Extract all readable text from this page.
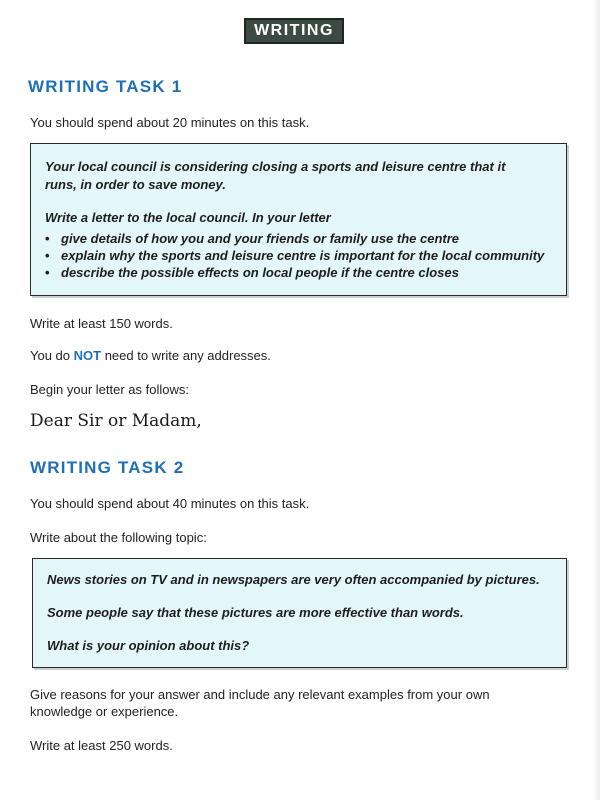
WRITING
WRITING TASK 1
You should spend about 20 minutes on this task.

Your local council is considering closing a sports and leisure centre that it

runs, in order to save money.

Write a letter to the local council. In your letter

• give details of how you and your friends or family use the centre
• explain why the sports and leisure centre is important for the local community
• describe the possible effects on local people if the centre closes
Write at least 150 words.
You do NOT need to write any addresses.
Begin your letter as follows:
Dear Sir or Madam,
WRITING TASK 2
You should spend about 40 minutes on this task.
Write about the following topic:

News stories on TV and in newspapers are very often accompanied by pictures.

Some people say that these pictures are more effective than words.

What is your opinion about this?

Give reasons for your answer and include any relevant examples from your own
knowledge or experience.
Write at least 250 words.
